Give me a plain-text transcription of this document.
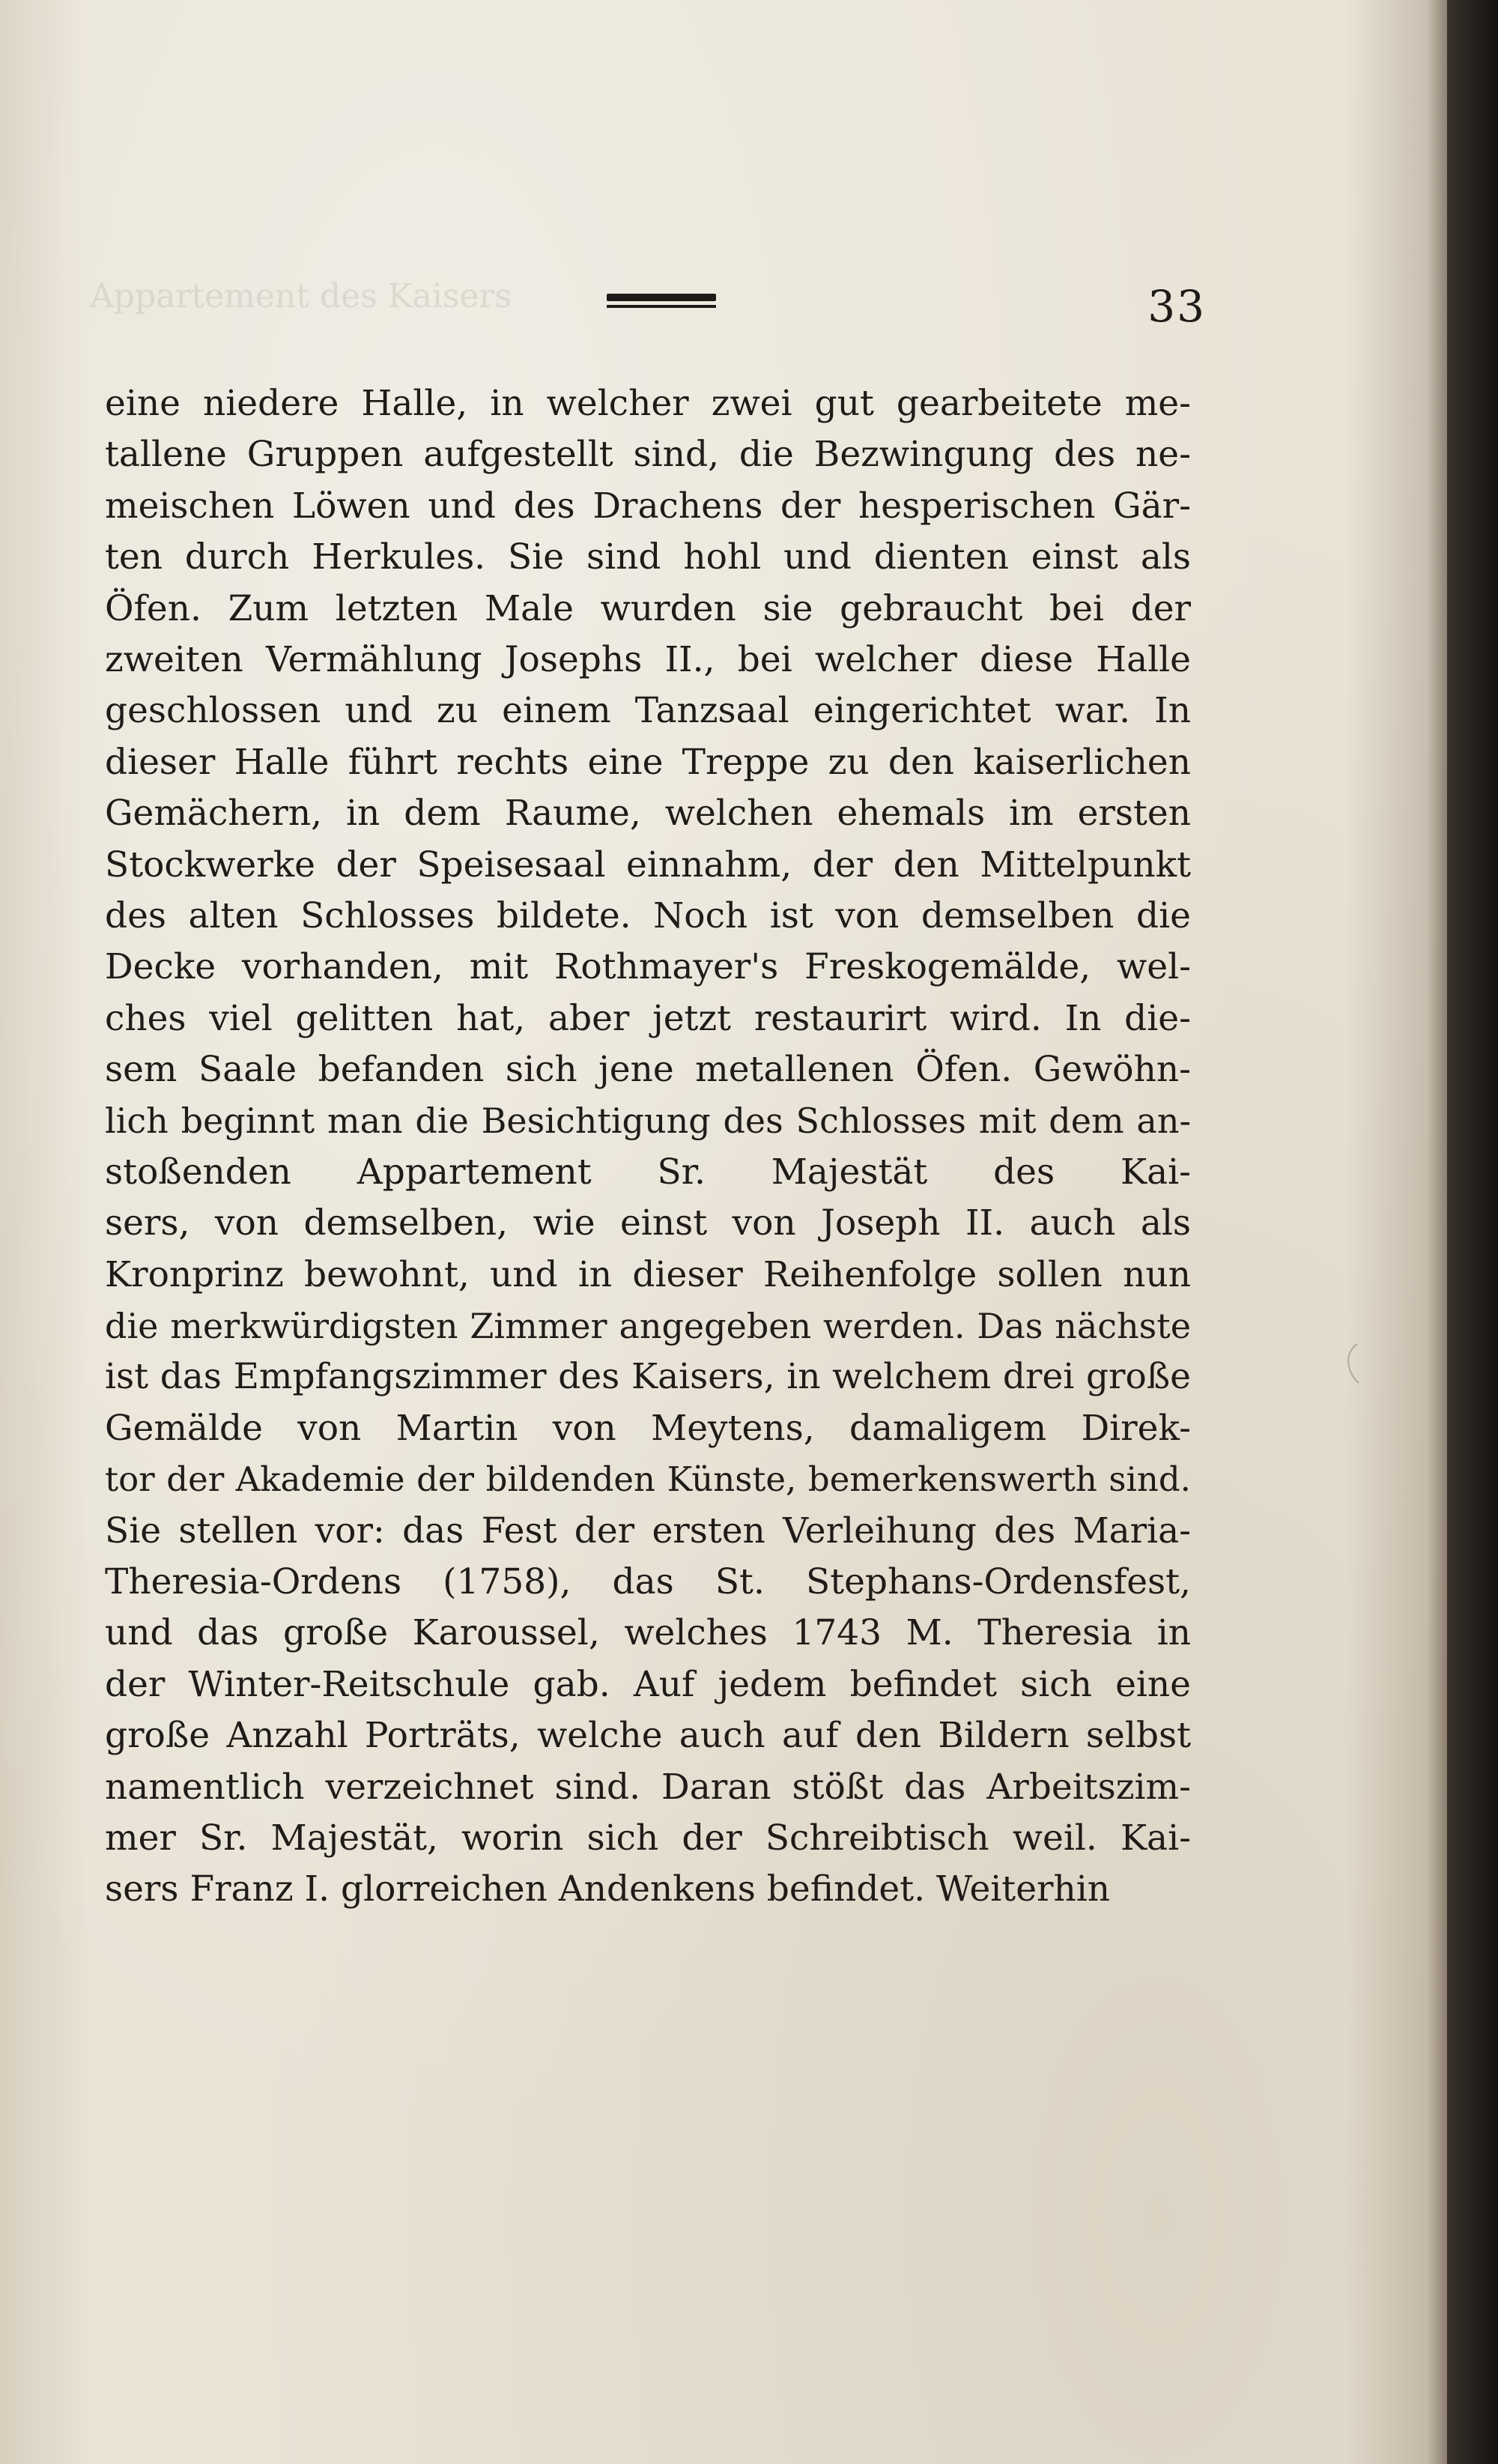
Appartement des Kaisers	33
eine niedere Halle, in welcher zwei gut gearbeitete me-
tallene Gruppen aufgestellt sind, die Bezwingung des ne-
meischen Löwen und des Drachens der hesperischen Gär-
ten durch Herkules. Sie sind hohl und dienten einst als
Öfen. Zum letzten Male wurden sie gebraucht bei der
zweiten Vermählung Josephs II., bei welcher diese Halle
geschlossen und zu einem Tanzsaal eingerichtet war. In
dieser Halle führt rechts eine Treppe zu den kaiserlichen
Gemächern, in dem Raume, welchen ehemals im ersten
Stockwerke der Speisesaal einnahm, der den Mittelpunkt
des alten Schlosses bildete. Noch ist von demselben die
Decke vorhanden, mit Rothmayer's Freskogemälde, wel-
ches viel gelitten hat, aber jetzt restaurirt wird. In die-
sem Saale befanden sich jene metallenen Öfen. Gewöhn-
lich beginnt man die Besichtigung des Schlosses mit dem an-
stoßenden Appartement Sr. Majestät des Kai-
sers, von demselben, wie einst von Joseph II. auch als
Kronprinz bewohnt, und in dieser Reihenfolge sollen nun
die merkwürdigsten Zimmer angegeben werden. Das nächste
ist das Empfangszimmer des Kaisers, in welchem drei große
Gemälde von Martin von Meytens, damaligem Direk-
tor der Akademie der bildenden Künste, bemerkenswerth sind.
Sie stellen vor: das Fest der ersten Verleihung des Maria-
Theresia-Ordens (1758), das St. Stephans-Ordensfest,
und das große Karoussel, welches 1743 M. Theresia in
der Winter-Reitschule gab. Auf jedem befindet sich eine
große Anzahl Porträts, welche auch auf den Bildern selbst
namentlich verzeichnet sind. Daran stößt das Arbeitszim-
mer Sr. Majestät, worin sich der Schreibtisch weil. Kai-
sers Franz I. glorreichen Andenkens befindet. Weiterhin
